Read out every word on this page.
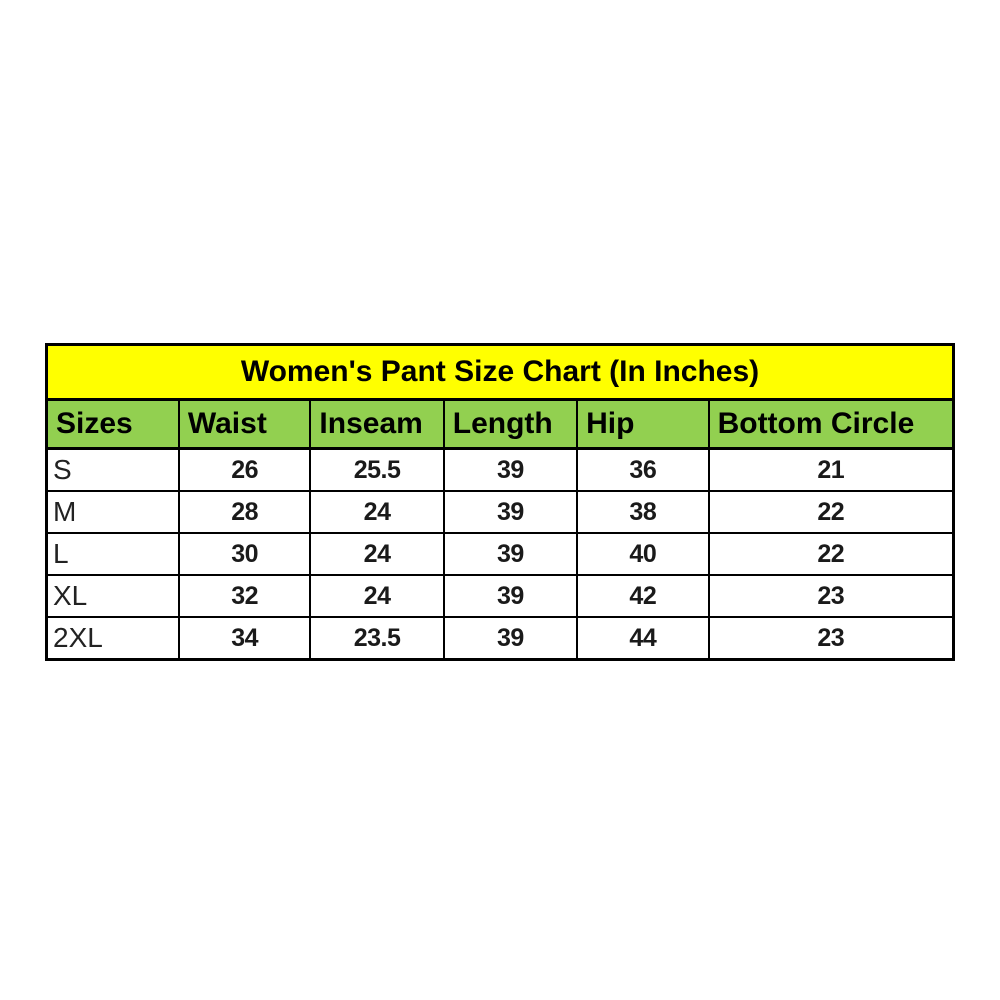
Women's Pant Size Chart (In Inches)					
Sizes	Waist	Inseam	Length	Hip	Bottom Circle
S	26	25.5	39	36	21
M	28	24	39	38	22
L	30	24	39	40	22
XL	32	24	39	42	23
2XL	34	23.5	39	44	23
